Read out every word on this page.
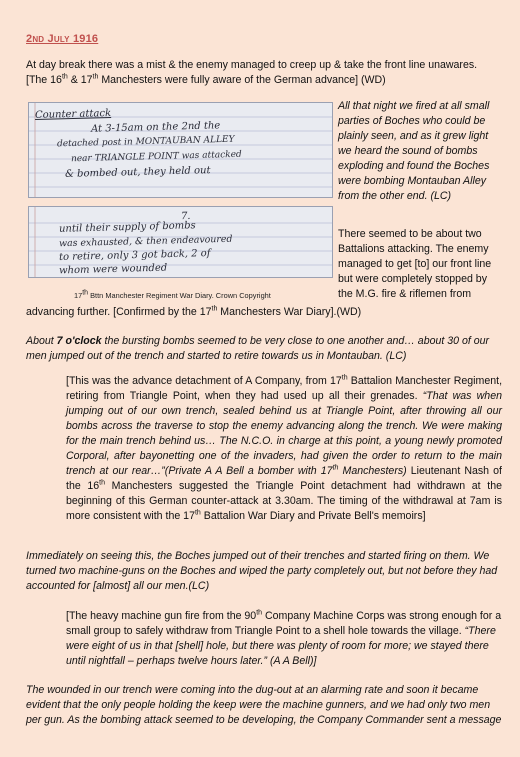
2nd July 1916

At day break there was a mist & the enemy managed to creep up & take the front line unawares.
[The 16th & 17th Manchesters were fully aware of the German advance] (WD)

Counter attack
At 3-15am on the 2nd the
detached post in MONTAUBAN ALLEY
near TRIANGLE POINT was attacked
& bombed out, they held out
7.
until their supply of bombs
was exhausted, & then endeavoured
to retire, only 3 got back, 2 of
whom were wounded
17th Bttn Manchester Regiment War Diary. Crown Copyright

All that night we fired at all small parties of Boches who could be plainly seen, and as it grew light we heard the sound of bombs exploding and found the Boches were bombing Montauban Alley from the other end. (LC)

There seemed to be about two Battalions attacking. The enemy managed to get [to] our front line but were completely stopped by the M.G. fire & riflemen from

advancing further. [Confirmed by the 17th Manchesters War Diary].(WD)

About 7 o'clock the bursting bombs seemed to be very close to one another and… about 30 of our men jumped out of the trench and started to retire towards us in Montauban. (LC)

[This was the advance detachment of A Company, from 17th Battalion Manchester Regiment, retiring from Triangle Point, when they had used up all their grenades. “That was when jumping out of our own trench, sealed behind us at Triangle Point, after throwing all our bombs across the traverse to stop the enemy advancing along the trench. We were making for the main trench behind us… The N.C.O. in charge at this point, a young newly promoted Corporal, after bayonetting one of the invaders, had given the order to return to the main trench at our rear…”(Private A A Bell a bomber with 17th Manchesters) Lieutenant Nash of the 16th Manchesters suggested the Triangle Point detachment had withdrawn at the beginning of this German counter-attack at 3.30am. The timing of the withdrawal at 7am is more consistent with the 17th Battalion War Diary and Private Bell's memoirs]

Immediately on seeing this, the Boches jumped out of their trenches and started firing on them. We turned two machine-guns on the Boches and wiped the party completely out, but not before they had accounted for [almost] all our men.(LC)

[The heavy machine gun fire from the 90th Company Machine Corps was strong enough for a small group to safely withdraw from Triangle Point to a shell hole towards the village. “There were eight of us in that [shell] hole, but there was plenty of room for more; we stayed there until nightfall – perhaps twelve hours later.” (A A Bell)]

The wounded in our trench were coming into the dug-out at an alarming rate and soon it became evident that the only people holding the keep were the machine gunners, and we had only two men per gun. As the bombing attack seemed to be developing, the Company Commander sent a message
